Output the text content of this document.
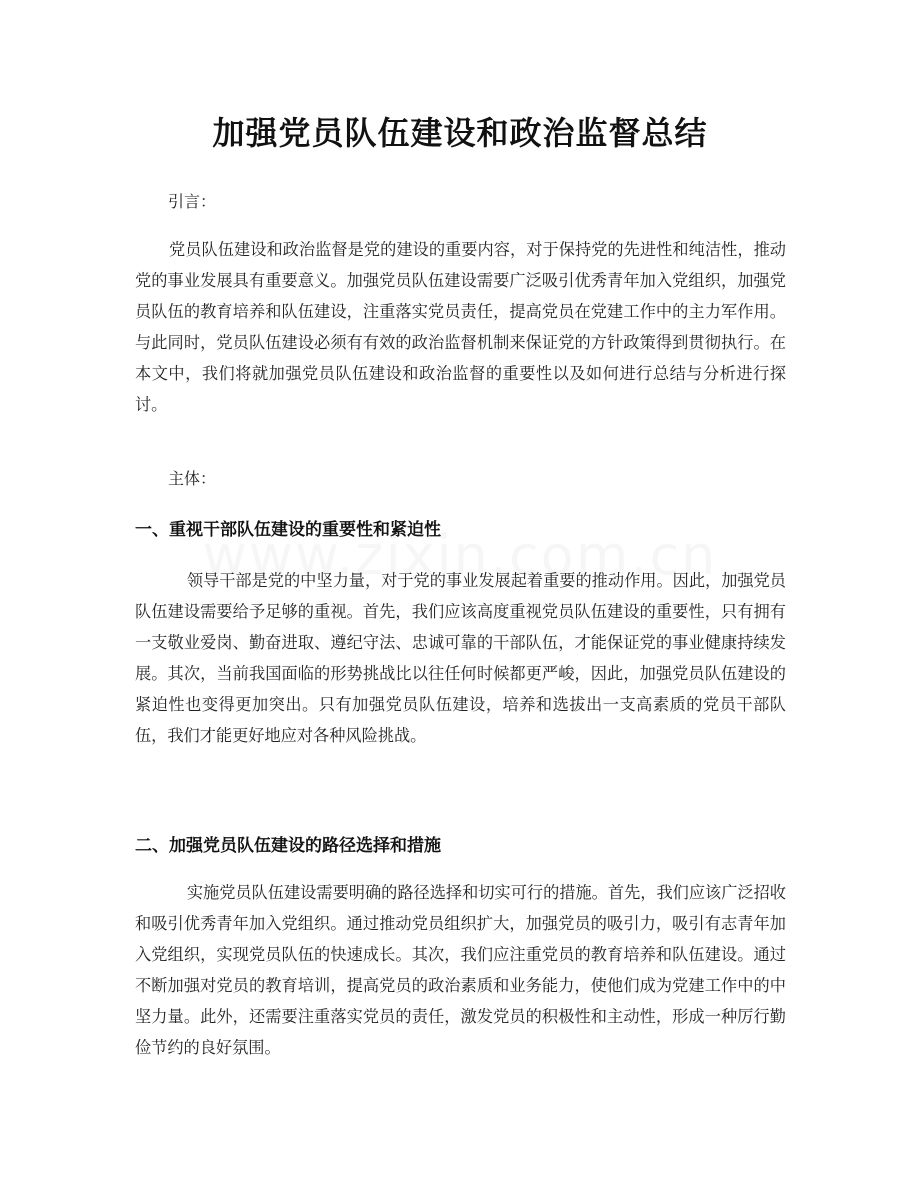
加强党员队伍建设和政治监督总结
引言：
党员队伍建设和政治监督是党的建设的重要内容，对于保持党的先进性和纯洁性，推动党的事业发展具有重要意义。加强党员队伍建设需要广泛吸引优秀青年加入党组织，加强党员队伍的教育培养和队伍建设，注重落实党员责任，提高党员在党建工作中的主力军作用。与此同时，党员队伍建设必须有有效的政治监督机制来保证党的方针政策得到贯彻执行。在本文中，我们将就加强党员队伍建设和政治监督的重要性以及如何进行总结与分析进行探讨。
主体：
一、重视干部队伍建设的重要性和紧迫性
领导干部是党的中坚力量，对于党的事业发展起着重要的推动作用。因此，加强党员队伍建设需要给予足够的重视。首先，我们应该高度重视党员队伍建设的重要性，只有拥有一支敬业爱岗、勤奋进取、遵纪守法、忠诚可靠的干部队伍，才能保证党的事业健康持续发展。其次，当前我国面临的形势挑战比以往任何时候都更严峻，因此，加强党员队伍建设的紧迫性也变得更加突出。只有加强党员队伍建设，培养和选拔出一支高素质的党员干部队伍，我们才能更好地应对各种风险挑战。
二、加强党员队伍建设的路径选择和措施
实施党员队伍建设需要明确的路径选择和切实可行的措施。首先，我们应该广泛招收和吸引优秀青年加入党组织。通过推动党员组织扩大，加强党员的吸引力，吸引有志青年加入党组织，实现党员队伍的快速成长。其次，我们应注重党员的教育培养和队伍建设。通过不断加强对党员的教育培训，提高党员的政治素质和业务能力，使他们成为党建工作中的中坚力量。此外，还需要注重落实党员的责任，激发党员的积极性和主动性，形成一种厉行勤俭节约的良好氛围。
